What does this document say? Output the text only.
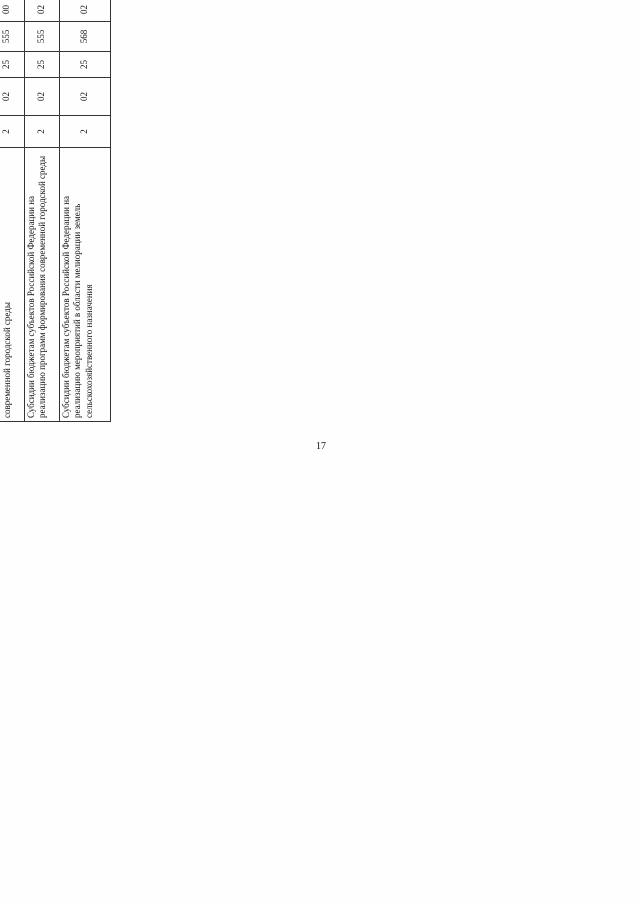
17

современной городской среды	2	02	25	555	00					
Субсидии бюджетам субъектов Российской Федерации на реализацию программ формирования современной городской среды	2	02	25	555	02					
Субсидии бюджетам субъектов Российской Федерации на реализацию мероприятий в области мелиорации земель сельскохозяйственного назначения	2	02	25	568	02					
